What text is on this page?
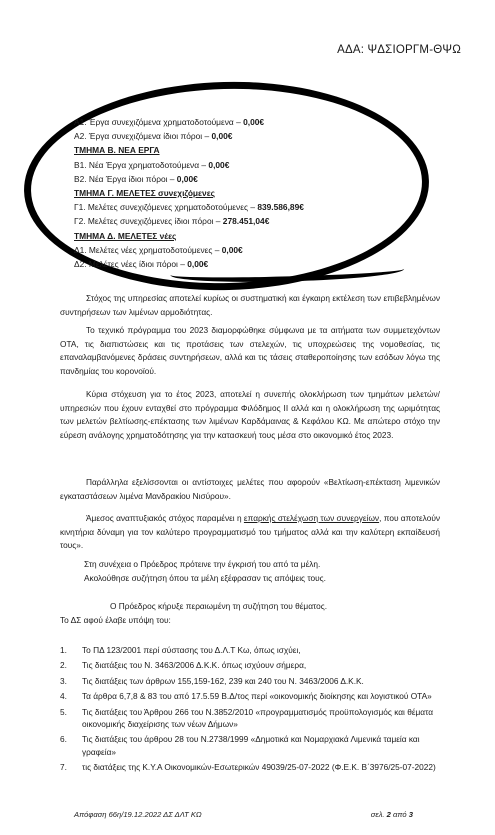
ΑΔΑ: ΨΔΣΙΟΡΓΜ-ΘΨΩ
Α1. Έργα συνεχιζόμενα χρηματοδοτούμενα – 0,00€
Α2. Έργα συνεχιζόμενα ίδιοι πόροι – 0,00€
ΤΜΗΜΑ Β. ΝΕΑ ΕΡΓΑ
Β1. Νέα Έργα χρηματοδοτούμενα – 0,00€
Β2. Νέα Έργα ίδιοι πόροι – 0,00€
ΤΜΗΜΑ Γ. ΜΕΛΕΤΕΣ συνεχιζόμενες
Γ1. Μελέτες συνεχιζόμενες χρηματοδοτούμενες – 839.586,89€
Γ2. Μελέτες συνεχιζόμενες ίδιοι πόροι – 278.451,04€
ΤΜΗΜΑ Δ. ΜΕΛΕΤΕΣ νέες
Δ1. Μελέτες νέες χρηματοδοτούμενες – 0,00€
Δ2. Μελέτες νέες ίδιοι πόροι – 0,00€

Στόχος της υπηρεσίας αποτελεί κυρίως οι συστηματική και έγκαιρη εκτέλεση των επιβεβλημένων συντηρήσεων των λιμένων αρμοδιότητας.

Το τεχνικό πρόγραμμα του 2023 διαμορφώθηκε σύμφωνα με τα αιτήματα των συμμετεχόντων ΟΤΑ, τις διαπιστώσεις και τις προτάσεις των στελεχών, τις υποχρεώσεις της νομοθεσίας, τις επαναλαμβανόμενες δράσεις συντηρήσεων, αλλά και τις τάσεις σταθεροποίησης των εσόδων λόγω της πανδημίας του κορονοϊού.

Κύρια στόχευση για το έτος 2023, αποτελεί η συνεπής ολοκλήρωση των τμημάτων μελετών/υπηρεσιών που έχουν ενταχθεί στο πρόγραμμα Φιλόδημος ΙΙ αλλά και η ολοκλήρωση της ωριμότητας των μελετών βελτίωσης-επέκτασης των λιμένων Καρδάμαινας & Κεφάλου ΚΩ. Με απώτερο στόχο την εύρεση ανάλογης χρηματοδότησης για την κατασκευή τους μέσα στο οικονομικό έτος 2023.

Παράλληλα εξελίσσονται οι αντίστοιχες μελέτες που αφορούν «Βελτίωση-επέκταση λιμενικών εγκαταστάσεων λιμένα Μανδρακίου Νισύρου».

Άμεσος αναπτυξιακός στόχος παραμένει η επαρκής στελέχωση των συνεργείων, που αποτελούν κινητήρια δύναμη για τον καλύτερο προγραμματισμό του τμήματος αλλά και την καλύτερη εκπαίδευσή τους».

Στη συνέχεια ο Πρόεδρος πρότεινε την έγκρισή του από τα μέλη.
Ακολούθησε συζήτηση όπου τα μέλη εξέφρασαν τις απόψεις τους.
Ο Πρόεδρος κήρυξε περαιωμένη τη συζήτηση του θέματος.
Το ΔΣ αφού έλαβε υπόψη του:
1. Το ΠΔ 123/2001 περί σύστασης του Δ.Λ.Τ Κω, όπως ισχύει,
2. Τις διατάξεις του Ν. 3463/2006 Δ.Κ.Κ. όπως ισχύουν σήμερα,
3. Τις διατάξεις των άρθρων 155,159-162, 239 και 240 του Ν. 3463/2006 Δ.Κ.Κ.
4. Τα άρθρα 6,7,8 & 83 του από 17.5.59 Β.Δ/τος περί «οικονομικής διοίκησης και λογιστικού ΟΤΑ»
5. Τις διατάξεις του Άρθρου 266 του Ν.3852/2010 «προγραμματισμός προϋπολογισμός και θέματα οικονομικής διαχείρισης των νέων Δήμων»
6. Τις διατάξεις του άρθρου 28 του Ν.2738/1999 «Δημοτικά και Νομαρχιακά Λιμενικά ταμεία και γραφεία»
7. τις διατάξεις της Κ.Υ.Α Οικονομικών-Εσωτερικών 49039/25-07-2022 (Φ.Ε.Κ. Β΄3976/25-07-2022)
Απόφαση 66η/19.12.2022 ΔΣ ΔΛΤ ΚΩ	σελ. 2 από 3
